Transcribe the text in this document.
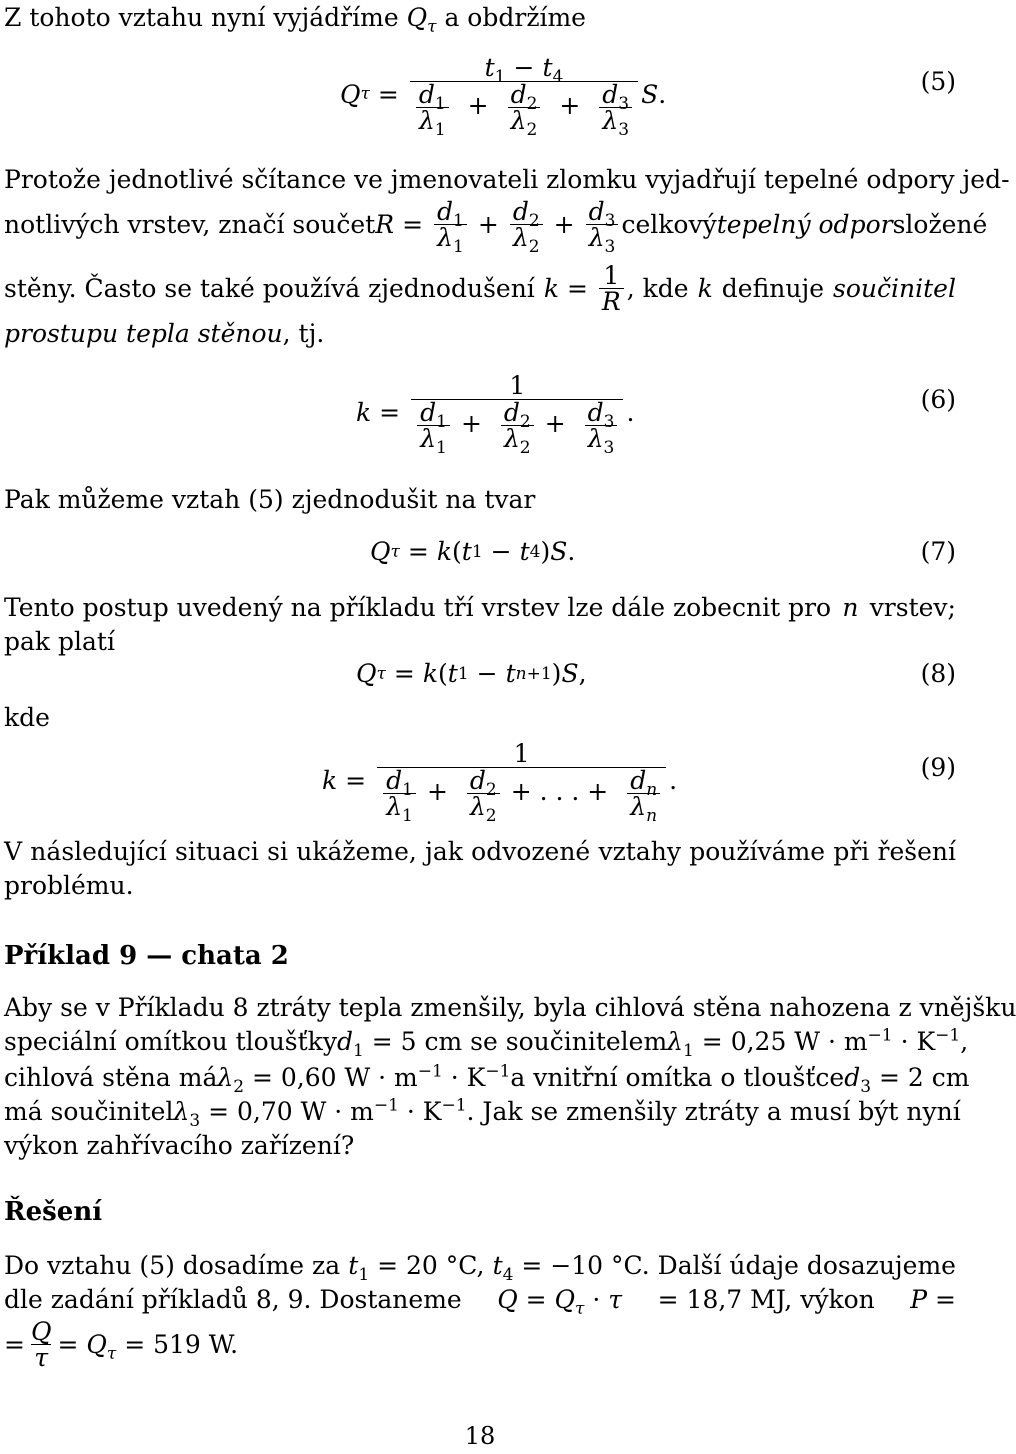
Z tohoto vztahu nyní vyjádříme $Q_\tau$ a obdržíme
Q $\tau = \frac{t_1 - t_4}{\frac{d_1}{\lambda_1} + \frac{d_2}{\lambda_2} + \frac{d_3}{\lambda_3}}$ S .	(5)
Protože jednotlivé sčítance ve jmenovateli zlomku vyjadřují tepelné odpory jed-
notlivých vrstev, značí součet $R = \frac{d_1}{\lambda_1} + \frac{d_2}{\lambda_2} + \frac{d_3}{\lambda_3}$ celkový tepelný odpor složené
stěny. Často se také používá zjednodušení $k = \frac{1}{R}$ , kde k definuje součinitel
prostupu tepla stěnou, tj.
$k = \frac{1}{\frac{d_1}{\lambda_1} + \frac{d_2}{\lambda_2} + \frac{d_3}{\lambda_3}}$ .	(6)
Pak můžeme vztah (5) zjednodušit na tvar
Q τ = k ( t 1 − t 4 ) S .	(7)
Tento postup uvedený na příkladu tří vrstev lze dále zobecnit pro n vrstev;
pak platí
Q τ = k ( t 1 − t n +1 ) S ,	(8)
kde
$k = \frac{1}{\frac{d_1}{\lambda_1} + \frac{d_2}{\lambda_2} + . . . + \frac{d_n}{\lambda_n}}$ .	(9)
V následující situaci si ukážeme, jak odvozené vztahy používáme při řešení
problému.
Příklad 9 — chata 2
Aby se v Příkladu 8 ztráty tepla zmenšily, byla cihlová stěna nahozena z vnějšku
speciální omítkou tloušťky $d_1 = 5$ cm se součinitelem $\lambda_1 = 0,25$ $W \cdot m^{-1} \cdot K^{-1}$,
cihlová stěna má $\lambda_2 = 0,60$ $W \cdot m^{-1} \cdot K^{-1}$ a vnitřní omítka o tloušťce $d_3 = 2$ cm
má součinitel $\lambda_3 = 0,70$ $W \cdot m^{-1} \cdot K^{-1}$. Jak se zmenšily ztráty a musí být nyní
výkon zahřívacího zařízení?
Řešení
Do vztahu (5) dosadíme za $t_1 = 20$ °C, $t_4 = -10$ °C. Další údaje dosazujeme
dle zadání příkladů 8, 9. Dostaneme $Q = Q_\tau \cdot \tau = 18,7$ MJ, výkon P =
= $\frac{Q}{\tau} = Q_\tau = 519$ W.
18
